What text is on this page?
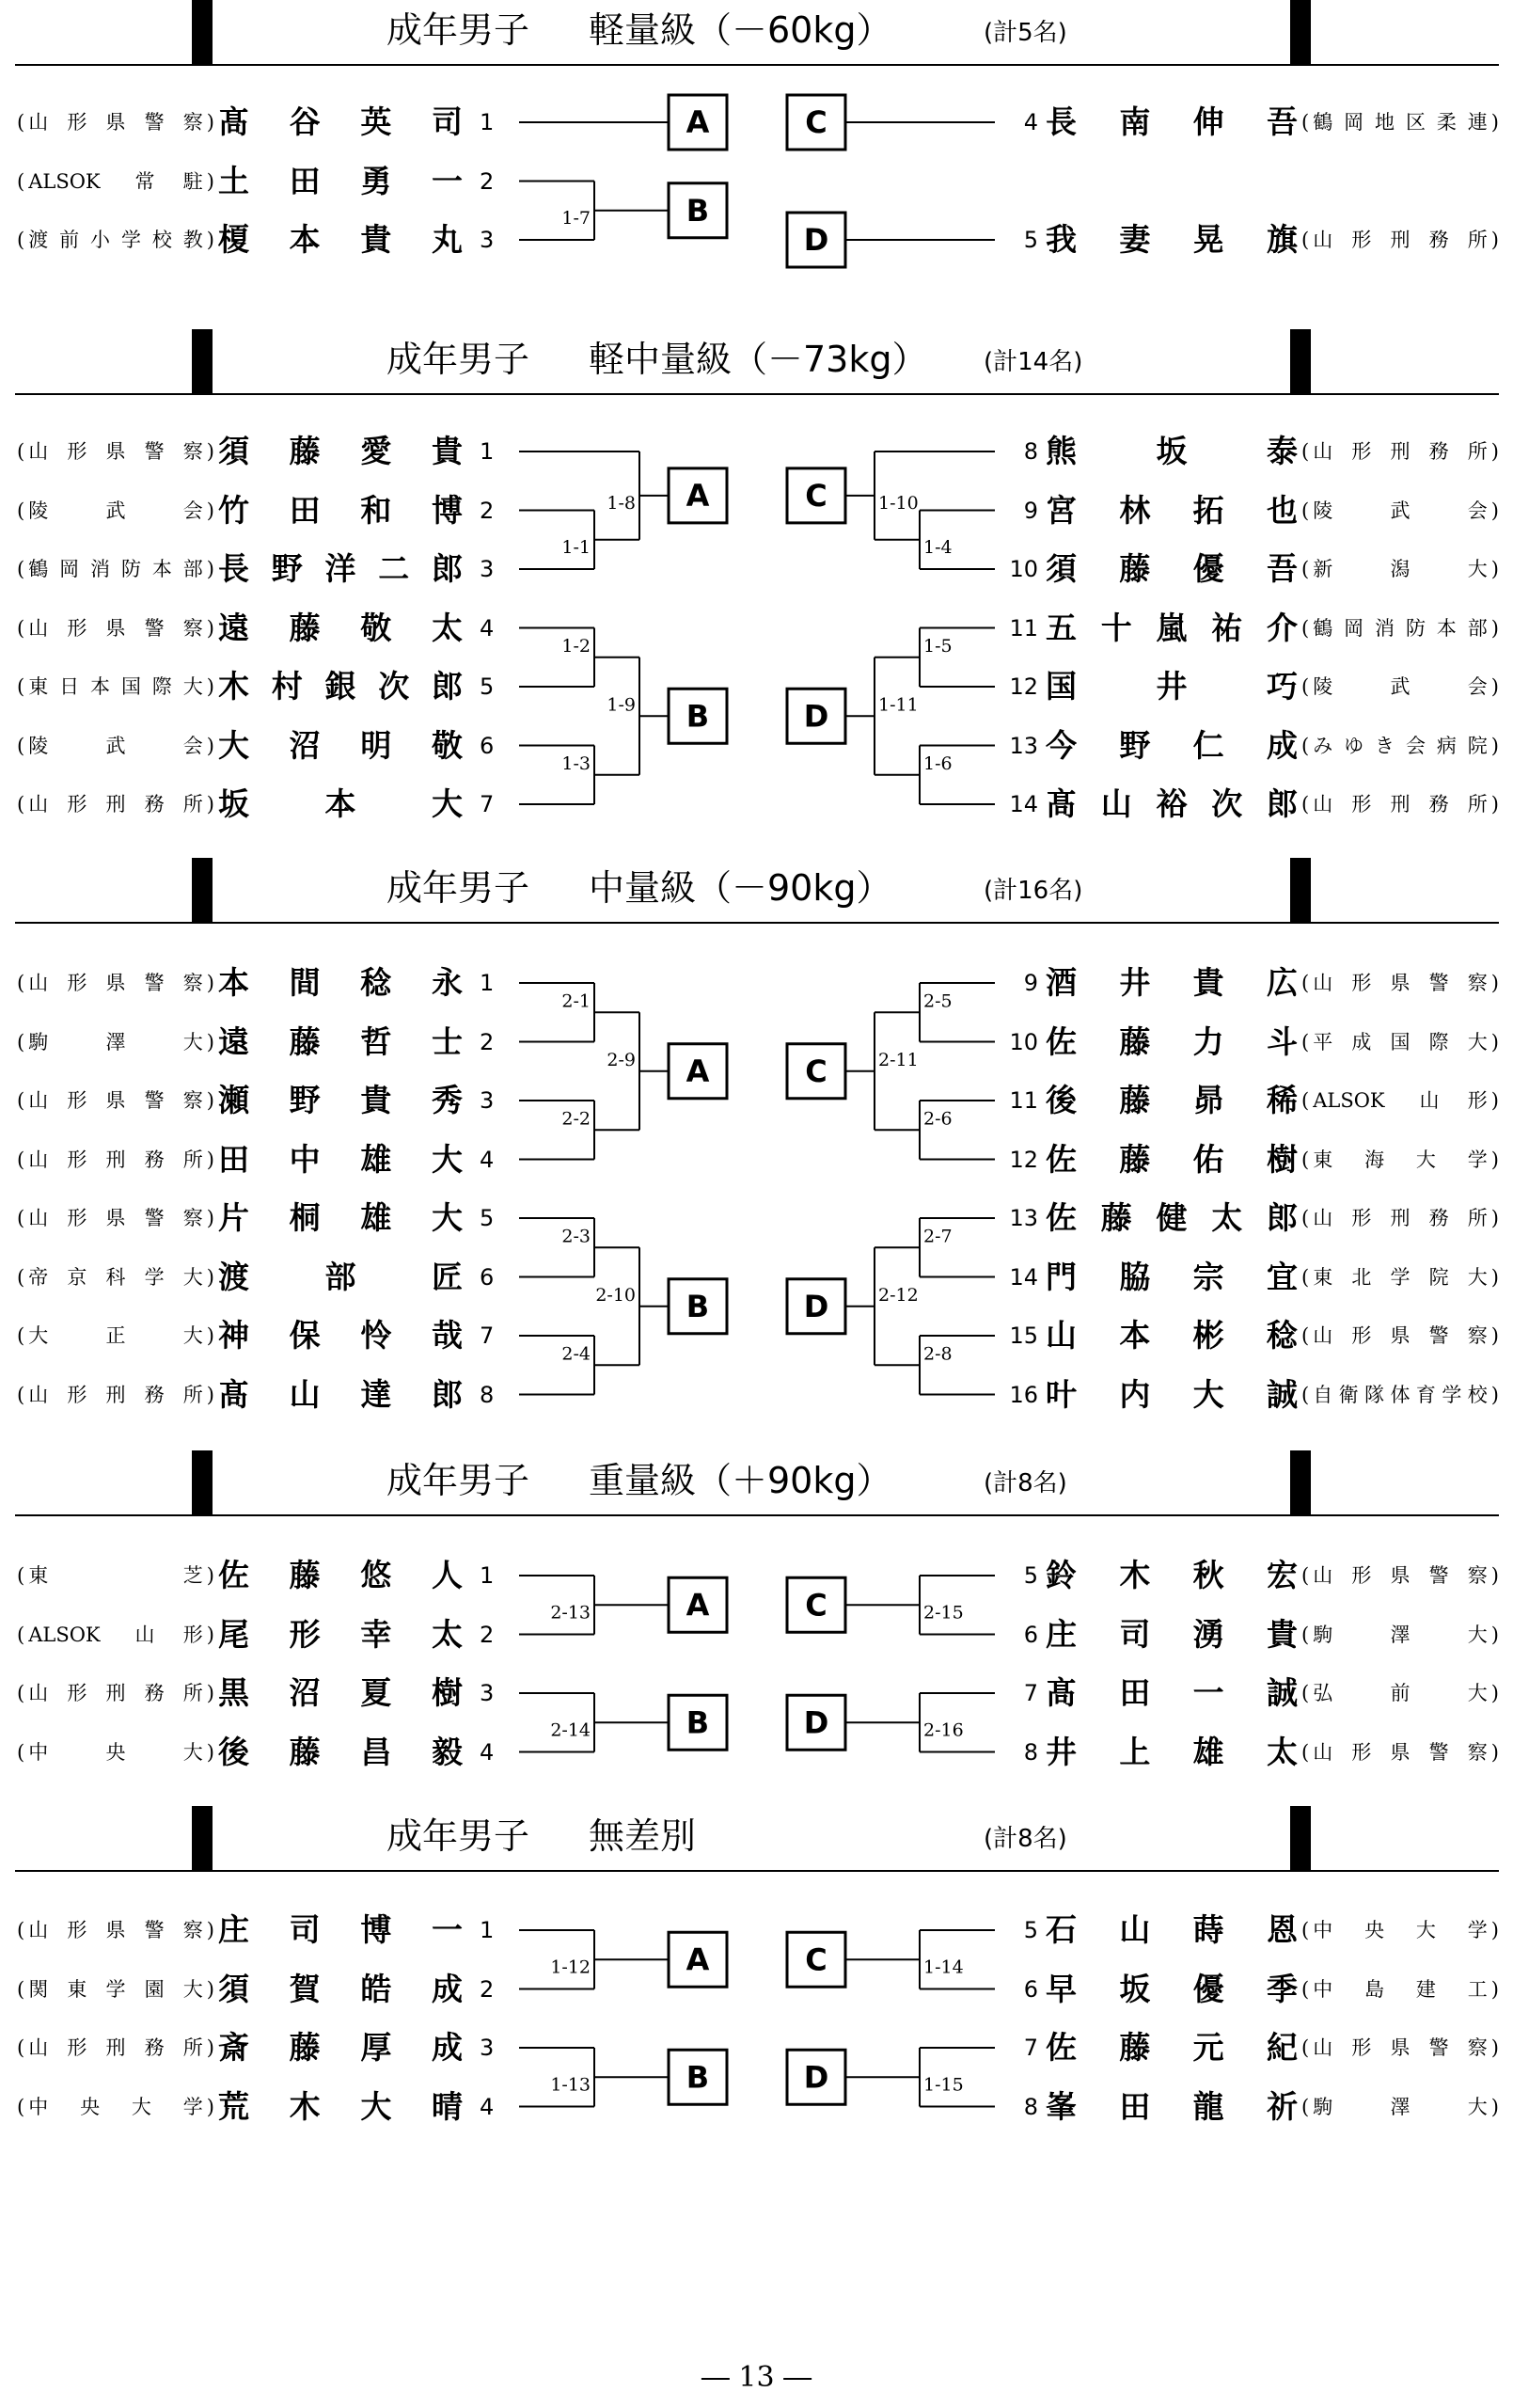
A
1-7	B
C
D
1-8
1-1
A
1-2
1-9
1-3
B
1-10
1-4
C
1-5
1-11
1-6
D
2-1
2-9
2-2
A
2-3
2-10
2-4
B
2-5
2-11
2-6
C
2-7
2-12
2-8
D
2-13	A
2-14	B
2-15
C
2-16
D
1-12	A
1-13	B
1-14
C
1-15
D
成年男子 軽量級（－60kg）	(計5名)
( 山形県警察 ) 髙谷英司 1
( ALSOK 常駐 ) 土田勇一 2
( 渡前小学校教 ) 榎本貴丸 3
4 長南伸吾 ( 鶴岡地区柔連 )
5 我妻晃旗 ( 山形刑務所 )
成年男子 軽中量級（－73kg） (計14名)
( 山形県警察 ) 須藤愛貴 1
( 陵武会 ) 竹田和博 2
( 鶴岡消防本部 ) 長野洋二郎 3
( 山形県警察 ) 遠藤敬太 4
( 東日本国際大 ) 木村銀次郎 5
( 陵武会 ) 大沼明敬 6
( 山形刑務所 ) 坂本大 7
8 熊坂泰 ( 山形刑務所 )
9 宮林拓也 ( 陵武会 )
10 須藤優吾 ( 新潟大 )
11 五十嵐祐介 ( 鶴岡消防本部 )
12 国井巧 ( 陵武会 )
13 今野仁成 ( みゆき会病院 )
14 髙山裕次郎 ( 山形刑務所 )
成年男子 中量級（－90kg）	(計16名)
( 山形県警察 ) 本間稔永 1
( 駒澤大 ) 遠藤哲士 2
( 山形県警察 ) 瀬野貴秀 3
( 山形刑務所 ) 田中雄大 4
( 山形県警察 ) 片桐雄大 5
( 帝京科学大 ) 渡部匠 6
( 大正大 ) 神保怜哉 7
( 山形刑務所 ) 髙山達郎 8
9 酒井貴広 ( 山形県警察 )
10 佐藤力斗 ( 平成国際大 )
11 後藤昴稀 ( ALSOK 山形 )
12 佐藤佑樹 ( 東海大学 )
13 佐藤健太郎 ( 山形刑務所 )
14 門脇宗宜 ( 東北学院大 )
15 山本彬稔 ( 山形県警察 )
16 叶内大誠 ( 自衛隊体育学校 )
成年男子 重量級（＋90kg）	(計8名)
( 東芝 ) 佐藤悠人 1
( ALSOK 山形 ) 尾形幸太 2
( 山形刑務所 ) 黒沼夏樹 3
( 中央大 ) 後藤昌毅 4
5 鈴木秋宏 ( 山形県警察 )
6 庄司湧貴 ( 駒澤大 )
7 髙田一誠 ( 弘前大 )
8 井上雄太 ( 山形県警察 )
成年男子 無差別	(計8名)
( 山形県警察 ) 庄司博一 1
( 関東学園大 ) 須賀皓成 2
( 山形刑務所 ) 斎藤厚成 3
( 中央大学 ) 荒木大晴 4
5 石山蒔恩 ( 中央大学 )
6 早坂優季 ( 中島建工 )
7 佐藤元紀 ( 山形県警察 )
8 峯田龍祈 ( 駒澤大 )
― 13 ―
